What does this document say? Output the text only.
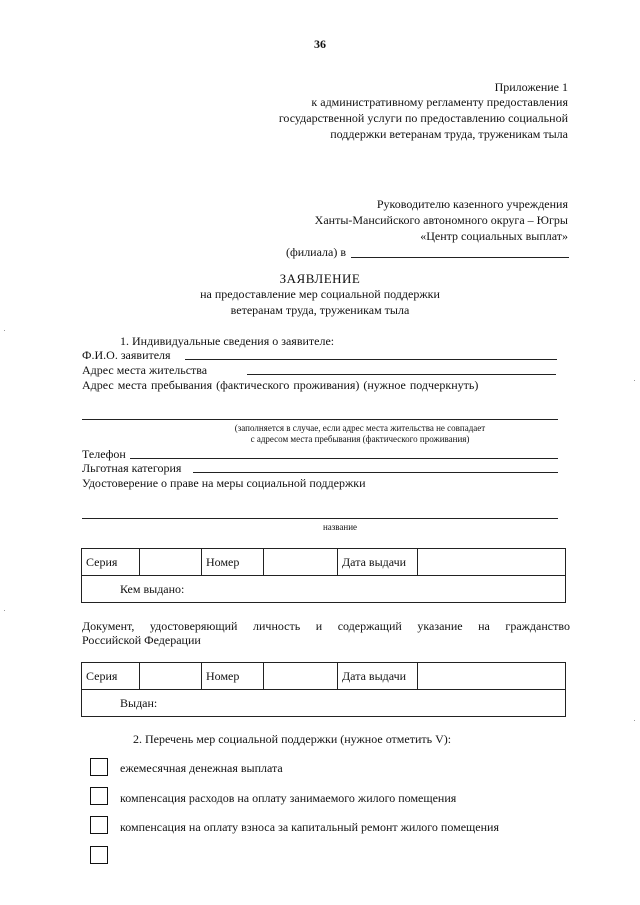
36
Приложение 1
к административному регламенту предоставления
государственной услуги по предоставлению социальной
поддержки ветеранам труда, труженикам тыла
Руководителю казенного учреждения
Ханты-Мансийского автономного округа – Югры
«Центр социальных выплат»
(филиала) в
ЗАЯВЛЕНИЕ
на предоставление мер социальной поддержки
ветеранам труда, труженикам тыла
1. Индивидуальные сведения о заявителе:
Ф.И.О. заявителя
Адрес места жительства
Адрес места пребывания (фактического проживания) (нужное подчеркнуть)
(заполняется в случае, если адрес места жительства не совпадает
с адресом места пребывания (фактического проживания)
Телефон
Льготная категория
Удостоверение о праве на меры социальной поддержки
название
Серия		Номер		Дата выдачи	
Кем выдано:
Документ, удостоверяющий личность и содержащий указание на гражданство
Российской Федерации
Серия		Номер		Дата выдачи	
Выдан:
2. Перечень мер социальной поддержки (нужное отметить V):
ежемесячная денежная выплата
компенсация расходов на оплату занимаемого жилого помещения
компенсация на оплату взноса за капитальный ремонт жилого помещения
